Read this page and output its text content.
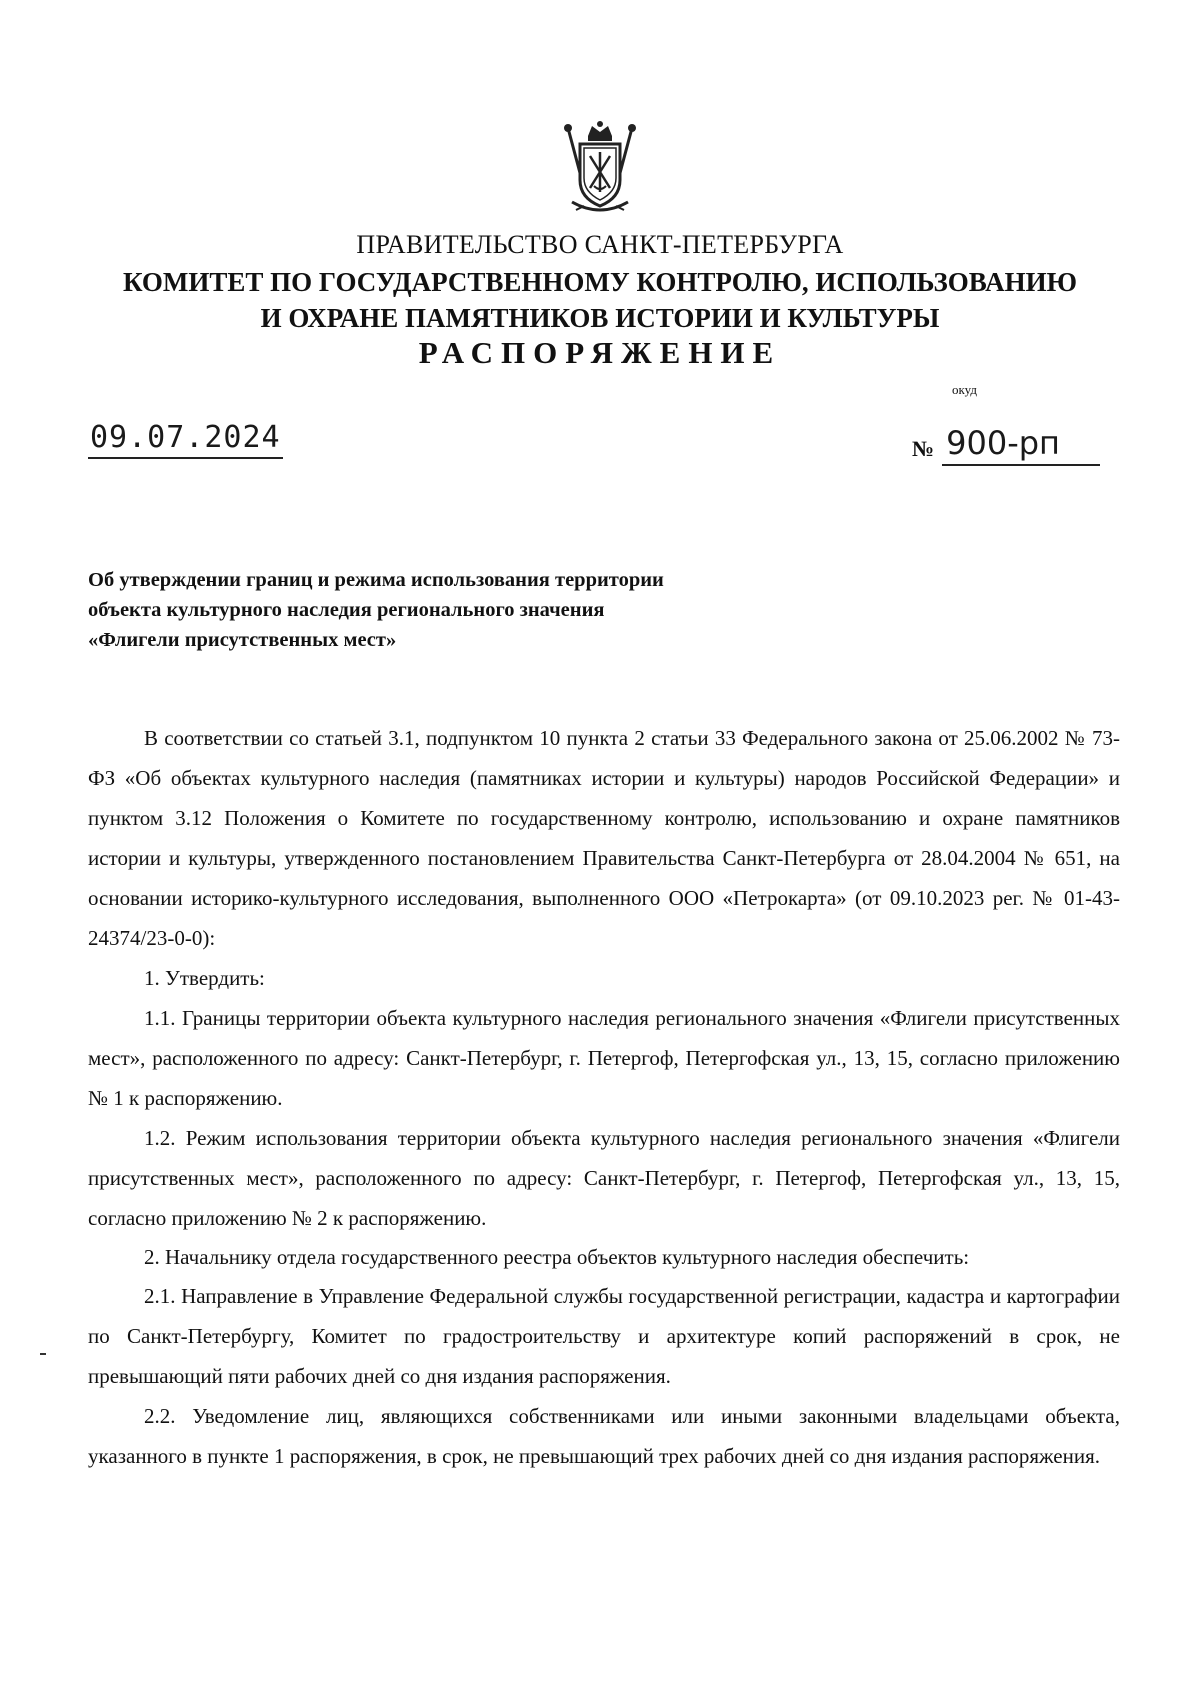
ПРАВИТЕЛЬСТВО САНКТ-ПЕТЕРБУРГА
КОМИТЕТ ПО ГОСУДАРСТВЕННОМУ КОНТРОЛЮ, ИСПОЛЬЗОВАНИЮ
И ОХРАНЕ ПАМЯТНИКОВ ИСТОРИИ И КУЛЬТУРЫ
РАСПОРЯЖЕНИЕ
окуд
09.07.2024	№ 900-рп
Об утверждении границ и режима использования территории
объекта культурного наследия регионального значения
«Флигели присутственных мест»

В соответствии со статьей 3.1, подпунктом 10 пункта 2 статьи 33 Федерального закона от 25.06.2002 № 73-ФЗ «Об объектах культурного наследия (памятниках истории и культуры) народов Российской Федерации» и пунктом 3.12 Положения о Комитете по государственному контролю, использованию и охране памятников истории и культуры, утвержденного постановлением Правительства Санкт-Петербурга от 28.04.2004 № 651, на основании историко-культурного исследования, выполненного ООО «Петрокарта» (от 09.10.2023 рег. № 01-43-24374/23-0-0):

1. Утвердить:

1.1. Границы территории объекта культурного наследия регионального значения «Флигели присутственных мест», расположенного по адресу: Санкт-Петербург, г. Петергоф, Петергофская ул., 13, 15, согласно приложению № 1 к распоряжению.

1.2. Режим использования территории объекта культурного наследия регионального значения «Флигели присутственных мест», расположенного по адресу: Санкт-Петербург, г. Петергоф, Петергофская ул., 13, 15, согласно приложению № 2 к распоряжению.

2. Начальнику отдела государственного реестра объектов культурного наследия обеспечить:

2.1. Направление в Управление Федеральной службы государственной регистрации, кадастра и картографии по Санкт-Петербургу, Комитет по градостроительству и архитектуре копий распоряжений в срок, не превышающий пяти рабочих дней со дня издания распоряжения.

2.2. Уведомление лиц, являющихся собственниками или иными законными владельцами объекта, указанного в пункте 1 распоряжения, в срок, не превышающий трех рабочих дней со дня издания распоряжения.
